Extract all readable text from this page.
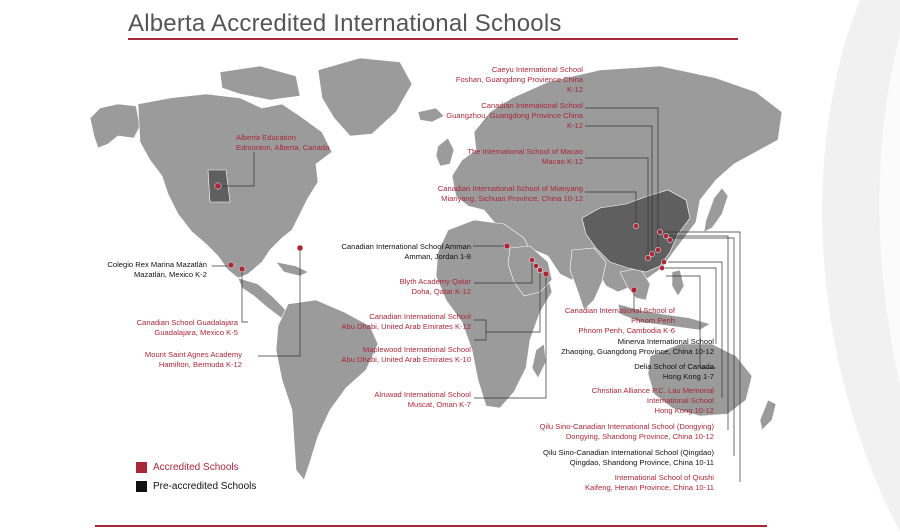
Alberta Accredited International Schools
Caeyu International School
Foshan, Guangdong Provience China
K-12
Canadian International School
Guangzhou, Guangdong Province China
K-12
The International School of Macao
Macao K-12
Canadian International School of Mianyang
Mianyang, Sichuan Province, China 10-12
Canadian International School Amman
Amman, Jordan 1-8
Alberta Education
Edmonton, Alberta, Canada
Colegio Rex Marina Mazatlán
Mazatlán, Mexico K-2
Canadian School Guadalajara
Guadalajara, Mexico K-5
Mount Saint Agnes Academy
Hamilton, Bermuda K-12
Blyth Academy Qatar
Doha, Qatar K-12
Canadian International School
Abu Dhabi, United Arab Emirates K-12
Maplewood International School
Abu Dhabi, United Arab Emirates K-10
Alruwad International School
Muscat, Oman K-7
Canadian International School of
Phnom Penh
Phnom Penh, Cambodia K-6
Minerva International School
Zhaoqing, Guangdong Province, China 10-12
Delia School of Canada
Hong Kong 1-7
Christian Alliance P.C. Lau Memorial
International School
Hong Kong 10-12
Qilu Sino-Canadian International School (Dongying)
Dongying, Shandong Province, China 10-12
Qilu Sino-Canadian International School (Qingdao)
Qingdao, Shandong Province, China 10-11
International School of Qiushi
Kaifeng, Henan Province, China 10-11
Accredited Schools
Pre-accredited Schools
